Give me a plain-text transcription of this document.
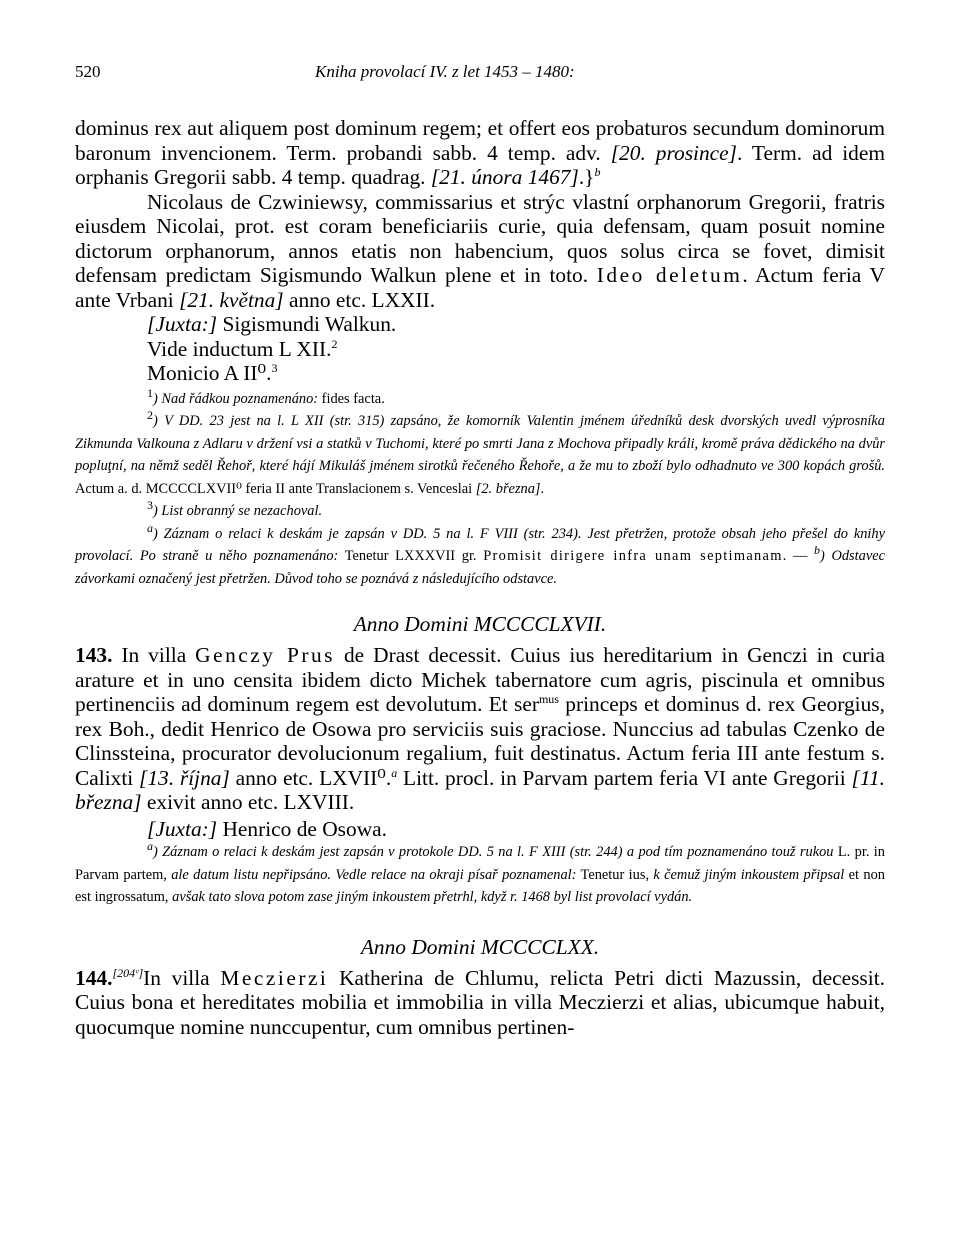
520	Kniha provolací IV. z let 1453 – 1480:

dominus rex aut aliquem post dominum regem; et offert eos probaturos secundum dominorum baronum invencionem. Term. probandi sabb. 4 temp. adv. [20. prosince]. Term. ad idem orphanis Gregorii sabb. 4 temp. quadrag. [21. února 1467].}$^b$

Nicolaus de Czwiniewsy, commissarius et strýc vlastní orphanorum Gregorii, fratris eiusdem Nicolai, prot. est coram beneficiariis curie, quia defensam, quam posuit nomine dictorum orphanorum, annos etatis non habencium, quos solus circa se fovet, dimisit defensam predictam Sigismundo Walkun plene et in toto. Ideo deletum. Actum feria V ante Vrbani [21. května] anno etc. LXXII.

[Juxta:] Sigismundi Walkun.
Vide inductum L XII.$^2$
Monicio A II⁰.$^3$

$^1$) Nad řádkou poznamenáno: fides facta.

$^2$) V DD. 23 jest na l. L XII (str. 315) zapsáno, že komorník Valentin jménem úředníků desk dvorských uvedl výprosníka Zikmunda Valkouna z Adlaru v držení vsi a statků v Tuchomi, které po smrti Jana z Mochova připadly králi, kromě práva dědického na dvůr popluţní, na němž seděl Řehoř, které hájí Mikuláš jménem sirotků řečeného Řehoře, a že mu to zboží bylo odhadnuto ve 300 kopách grošů. Actum a. d. MCCCCLXVII⁰ feria II ante Translacionem s. Venceslai [2. března].

$^3$) List obranný se nezachoval.

$^a$) Záznam o relaci k deskám je zapsán v DD. 5 na l. F VIII (str. 234). Jest přetržen, protože obsah jeho přešel do knihy provolací. Po straně u něho poznamenáno: Tenetur LXXXVII gr. Promisit dirigere infra unam septimanam. — $^b$) Odstavec závorkami označený jest přetržen. Důvod toho se poznává z následujícího odstavce.

Anno Domini MCCCCLXVII.

143. In villa Genczy Prus de Drast decessit. Cuius ius hereditarium in Genczi in curia arature et in uno censita ibidem dicto Michek tabernatore cum agris, piscinula et omnibus pertinenciis ad dominum regem est devolutum. Et ser$^{mus}$ princeps et dominus d. rex Georgius, rex Boh., dedit Henrico de Osowa pro serviciis suis graciose. Nunccius ad tabulas Czenko de Clinssteina, procurator devolucionum regalium, fuit destinatus. Actum feria III ante festum s. Calixti [13. října] anno etc. LXVII⁰.$^a$ Litt. procl. in Parvam partem feria VI ante Gregorii [11. března] exivit anno etc. LXVIII.

[Juxta:] Henrico de Osowa.

$^a$) Záznam o relaci k deskám jest zapsán v protokole DD. 5 na l. F XIII (str. 244) a pod tím poznamenáno touž rukou L. pr. in Parvam partem, ale datum listu nepřipsáno. Vedle relace na okraji písař poznamenal: Tenetur ius, k čemuž jiným inkoustem připsal et non est ingrossatum, avšak tato slova potom zase jiným inkoustem přetrhl, když r. 1468 byl list provolací vydán.

Anno Domini MCCCCLXX.

144.[204ᵛ]In villa Meczierzi Katherina de Chlumu, relicta Petri dicti Mazussin, decessit. Cuius bona et hereditates mobilia et immobilia in villa Meczierzi et alias, ubicumque habuit, quocumque nomine nunccupentur, cum omnibus pertinen-
